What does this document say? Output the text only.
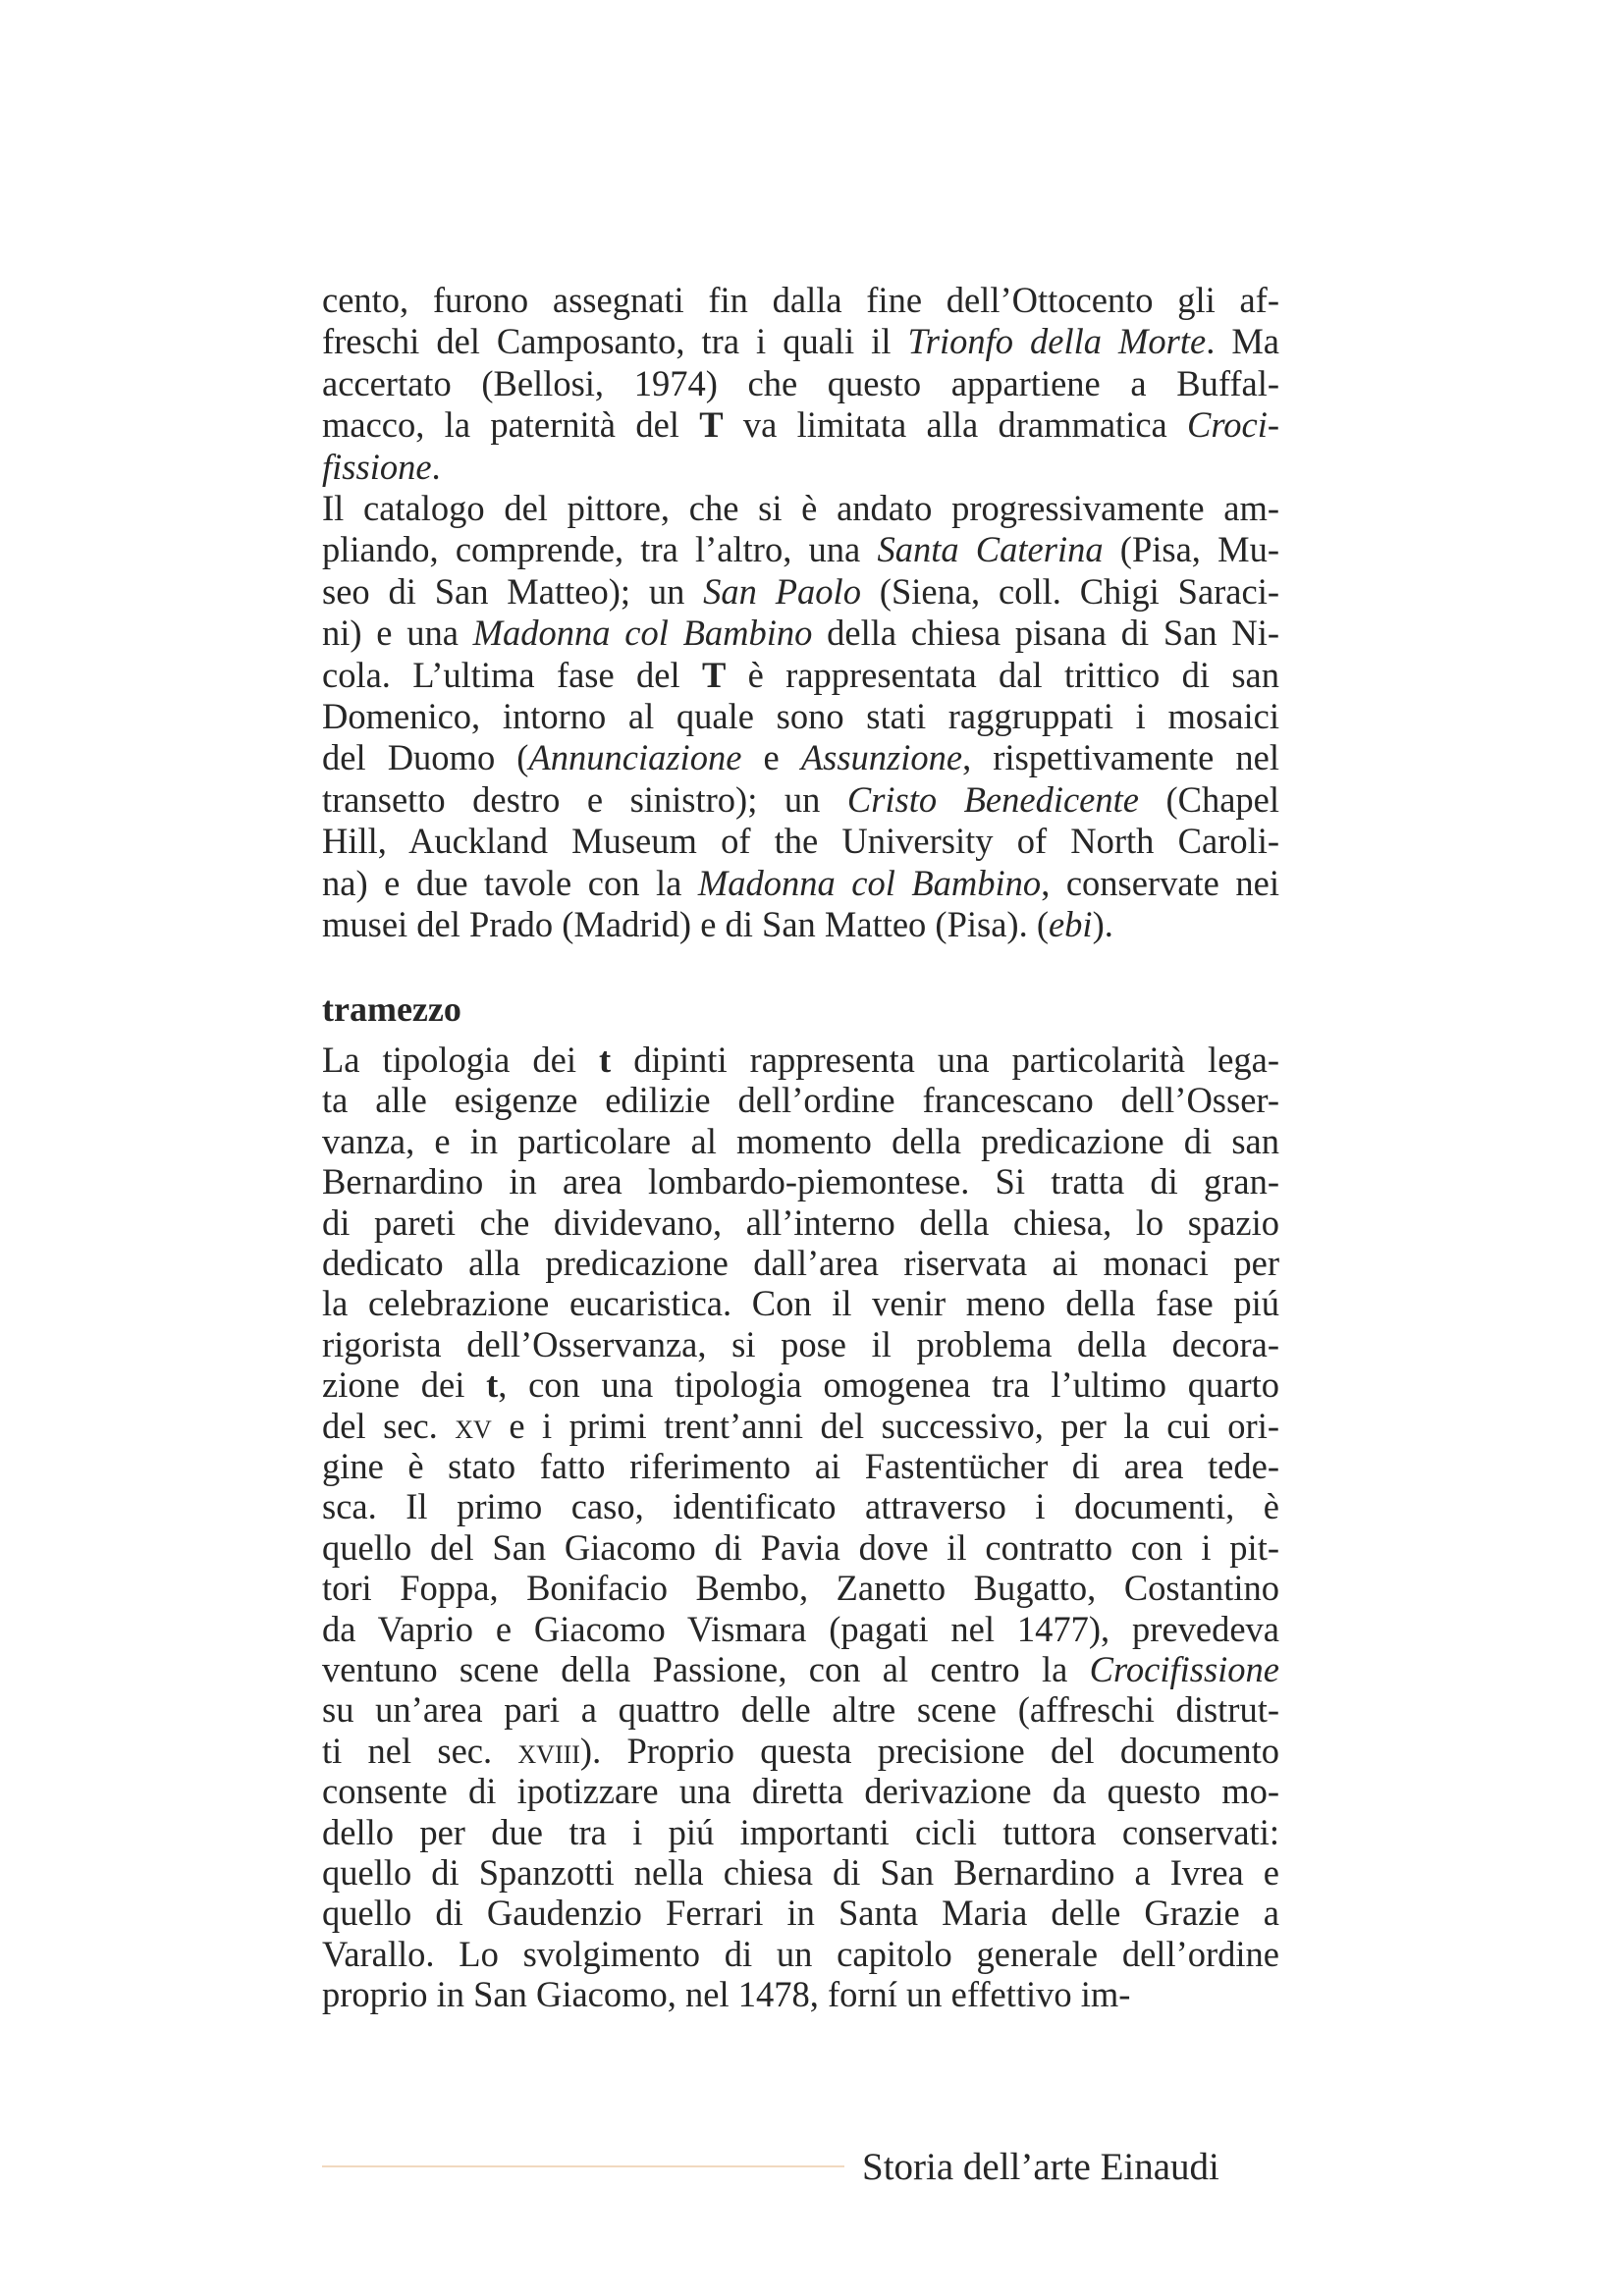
cento, furono assegnati fin dalla fine dell’Ottocento gli af-
freschi del Camposanto, tra i quali il Trionfo della Morte. Ma
accertato (Bellosi, 1974) che questo appartiene a Buffal-
macco, la paternità del T va limitata alla drammatica Croci-
fissione.
Il catalogo del pittore, che si è andato progressivamente am-
pliando, comprende, tra l’altro, una Santa Caterina (Pisa, Mu-
seo di San Matteo); un San Paolo (Siena, coll. Chigi Saraci-
ni) e una Madonna col Bambino della chiesa pisana di San Ni-
cola. L’ultima fase del T è rappresentata dal trittico di san
Domenico, intorno al quale sono stati raggruppati i mosaici
del Duomo (Annunciazione e Assunzione, rispettivamente nel
transetto destro e sinistro); un Cristo Benedicente (Chapel
Hill, Auckland Museum of the University of North Caroli-
na) e due tavole con la Madonna col Bambino, conservate nei
musei del Prado (Madrid) e di San Matteo (Pisa). (ebi).
tramezzo
La tipologia dei t dipinti rappresenta una particolarità lega-
ta alle esigenze edilizie dell’ordine francescano dell’Osser-
vanza, e in particolare al momento della predicazione di san
Bernardino in area lombardo-piemontese. Si tratta di gran-
di pareti che dividevano, all’interno della chiesa, lo spazio
dedicato alla predicazione dall’area riservata ai monaci per
la celebrazione eucaristica. Con il venir meno della fase piú
rigorista dell’Osservanza, si pose il problema della decora-
zione dei t, con una tipologia omogenea tra l’ultimo quarto
del sec. xv e i primi trent’anni del successivo, per la cui ori-
gine è stato fatto riferimento ai Fastentücher di area tede-
sca. Il primo caso, identificato attraverso i documenti, è
quello del San Giacomo di Pavia dove il contratto con i pit-
tori Foppa, Bonifacio Bembo, Zanetto Bugatto, Costantino
da Vaprio e Giacomo Vismara (pagati nel 1477), prevedeva
ventuno scene della Passione, con al centro la Crocifissione
su un’area pari a quattro delle altre scene (affreschi distrut-
ti nel sec. xviii). Proprio questa precisione del documento
consente di ipotizzare una diretta derivazione da questo mo-
dello per due tra i piú importanti cicli tuttora conservati:
quello di Spanzotti nella chiesa di San Bernardino a Ivrea e
quello di Gaudenzio Ferrari in Santa Maria delle Grazie a
Varallo. Lo svolgimento di un capitolo generale dell’ordine
proprio in San Giacomo, nel 1478, forní un effettivo im-
Storia dell’arte Einaudi
